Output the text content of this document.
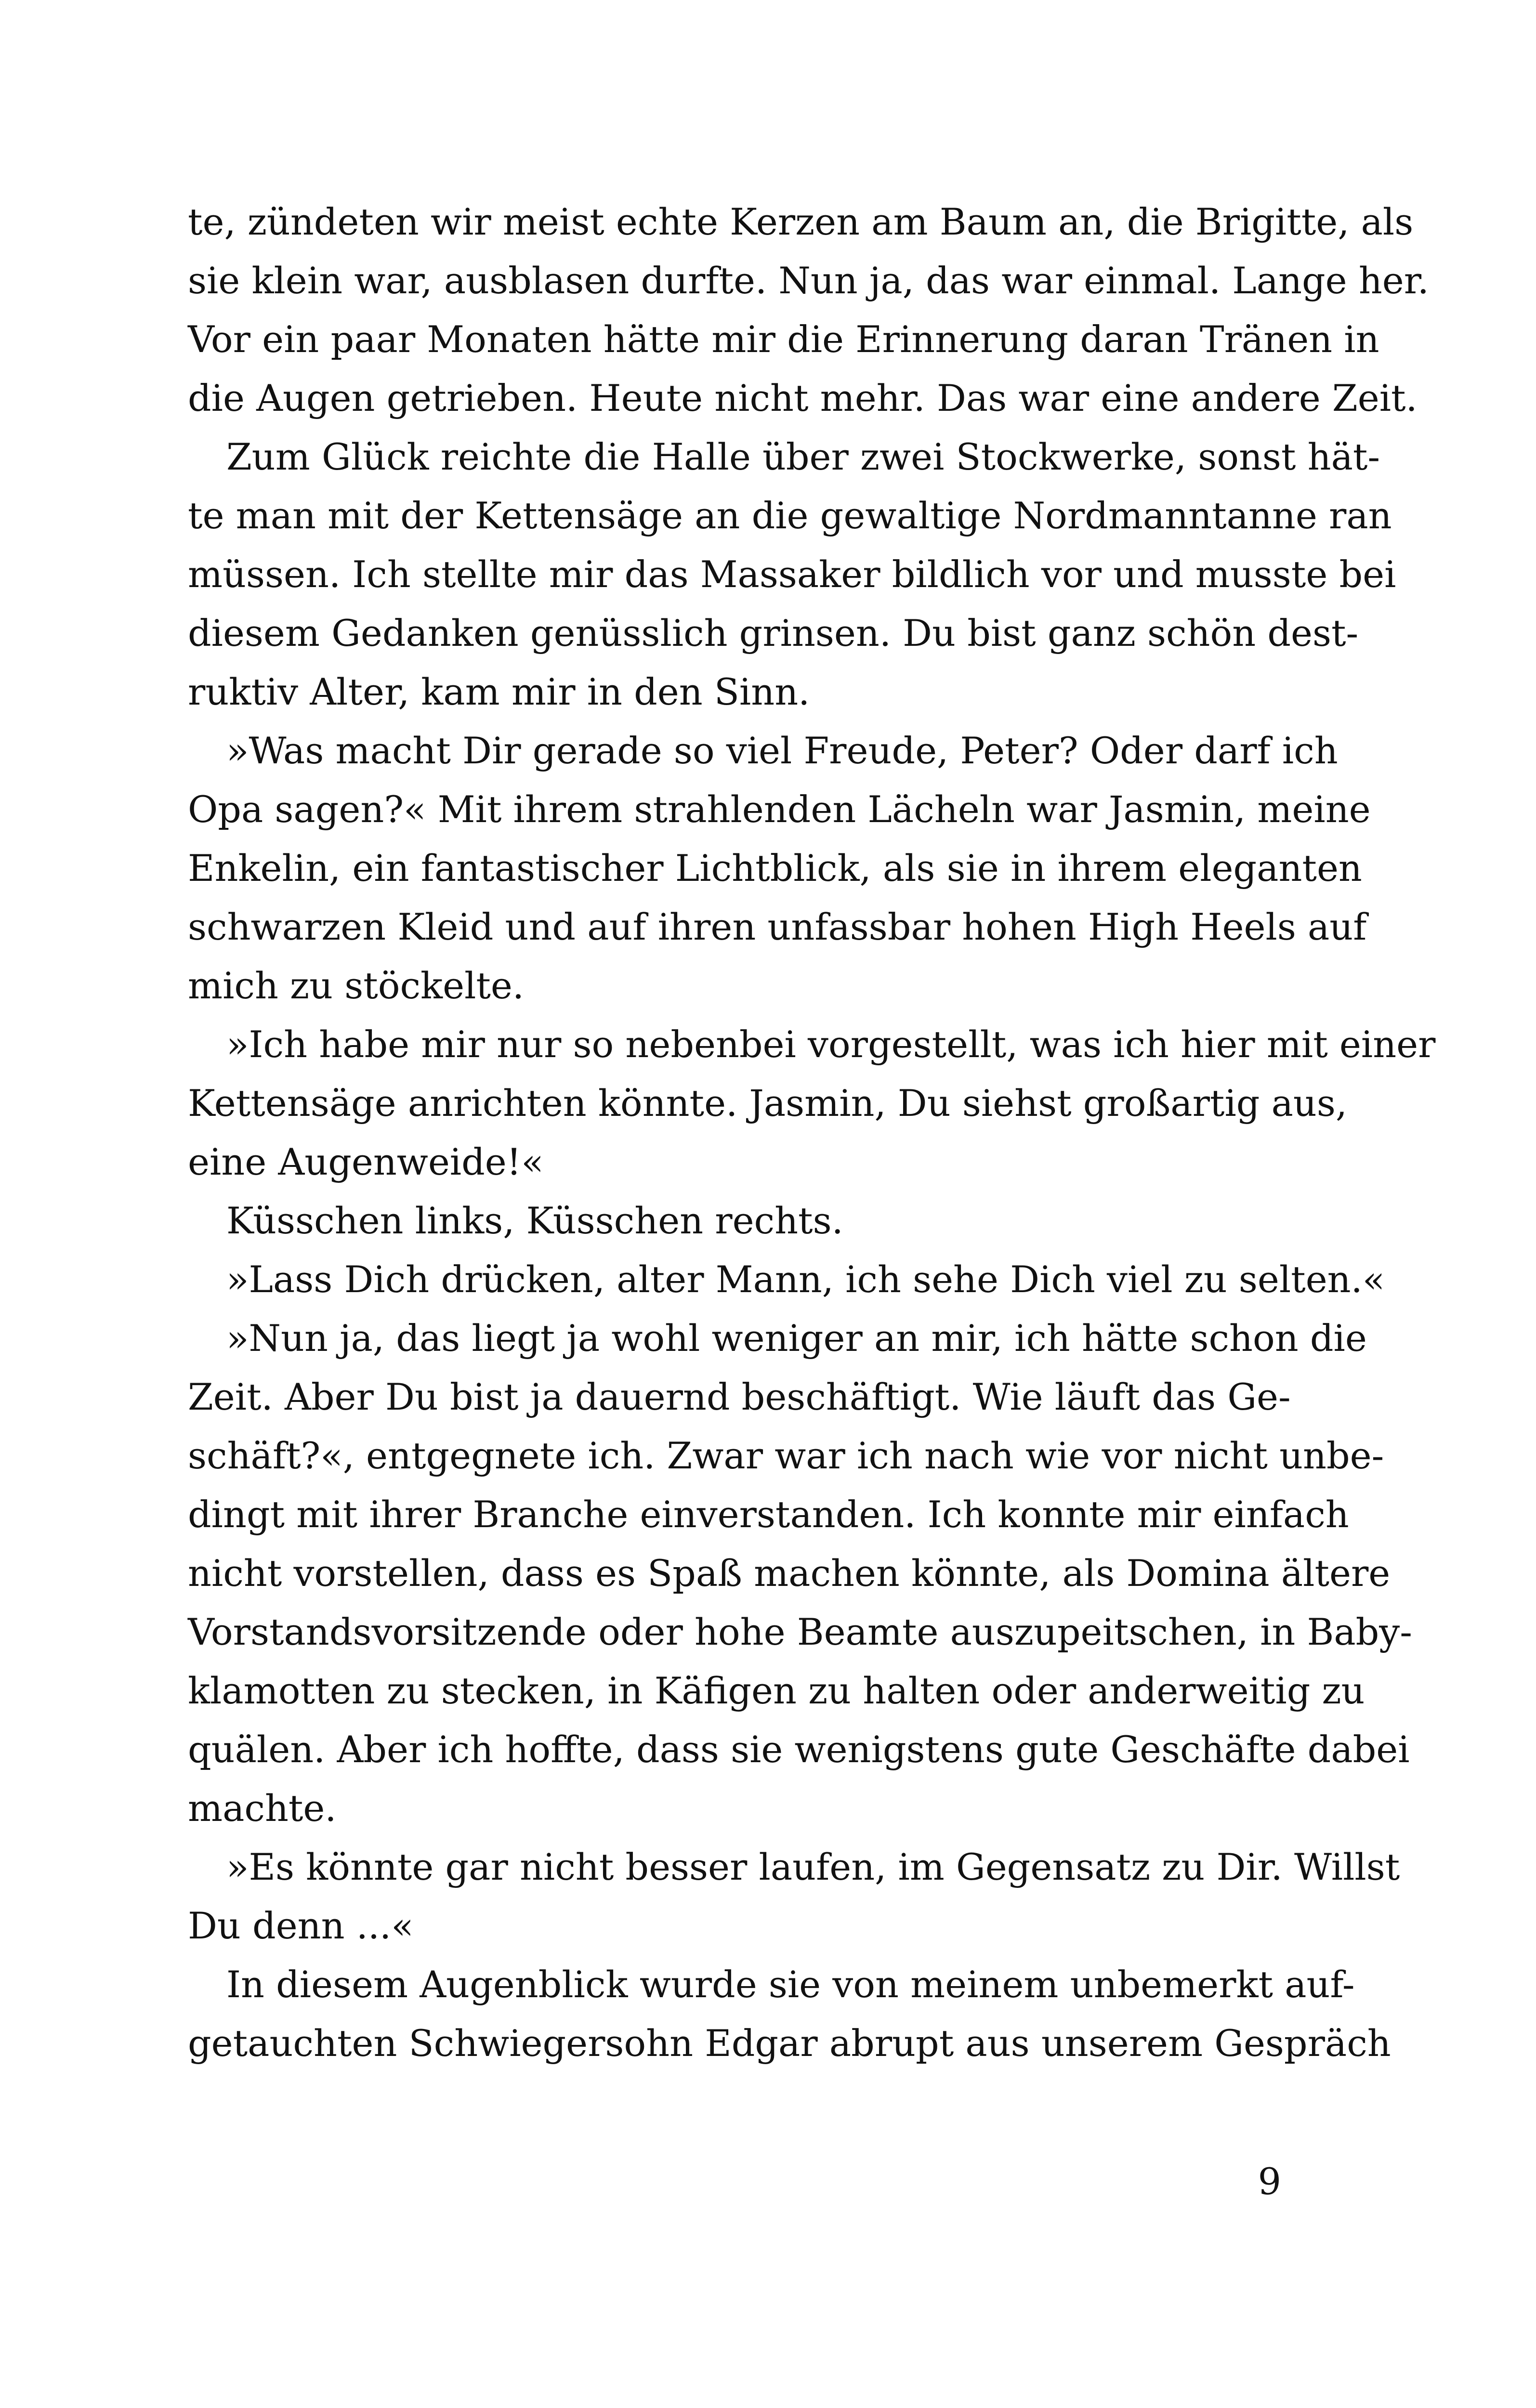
te, zündeten wir meist echte Kerzen am Baum an, die Brigitte, als
sie klein war, ausblasen durfte. Nun ja, das war einmal. Lange her.
Vor ein paar Monaten hätte mir die Erinnerung daran Tränen in
die Augen getrieben. Heute nicht mehr. Das war eine andere Zeit.
Zum Glück reichte die Halle über zwei Stockwerke, sonst hät-
te man mit der Kettensäge an die gewaltige Nordmanntanne ran
müssen. Ich stellte mir das Massaker bildlich vor und musste bei
diesem Gedanken genüsslich grinsen. Du bist ganz schön dest-
ruktiv Alter, kam mir in den Sinn.
»Was macht Dir gerade so viel Freude, Peter? Oder darf ich
Opa sagen?« Mit ihrem strahlenden Lächeln war Jasmin, meine
Enkelin, ein fantastischer Lichtblick, als sie in ihrem eleganten
schwarzen Kleid und auf ihren unfassbar hohen High Heels auf
mich zu stöckelte.
»Ich habe mir nur so nebenbei vorgestellt, was ich hier mit einer
Kettensäge anrichten könnte. Jasmin, Du siehst großartig aus,
eine Augenweide!«
Küsschen links, Küsschen rechts.
»Lass Dich drücken, alter Mann, ich sehe Dich viel zu selten.«
»Nun ja, das liegt ja wohl weniger an mir, ich hätte schon die
Zeit. Aber Du bist ja dauernd beschäftigt. Wie läuft das Ge-
schäft?«, entgegnete ich. Zwar war ich nach wie vor nicht unbe-
dingt mit ihrer Branche einverstanden. Ich konnte mir einfach
nicht vorstellen, dass es Spaß machen könnte, als Domina ältere
Vorstandsvorsitzende oder hohe Beamte auszupeitschen, in Baby-
klamotten zu stecken, in Käfigen zu halten oder anderweitig zu
quälen. Aber ich hoffte, dass sie wenigstens gute Geschäfte dabei
machte.
»Es könnte gar nicht besser laufen, im Gegensatz zu Dir. Willst
Du denn ...«
In diesem Augenblick wurde sie von meinem unbemerkt auf-
getauchten Schwiegersohn Edgar abrupt aus unserem Gespräch
9
